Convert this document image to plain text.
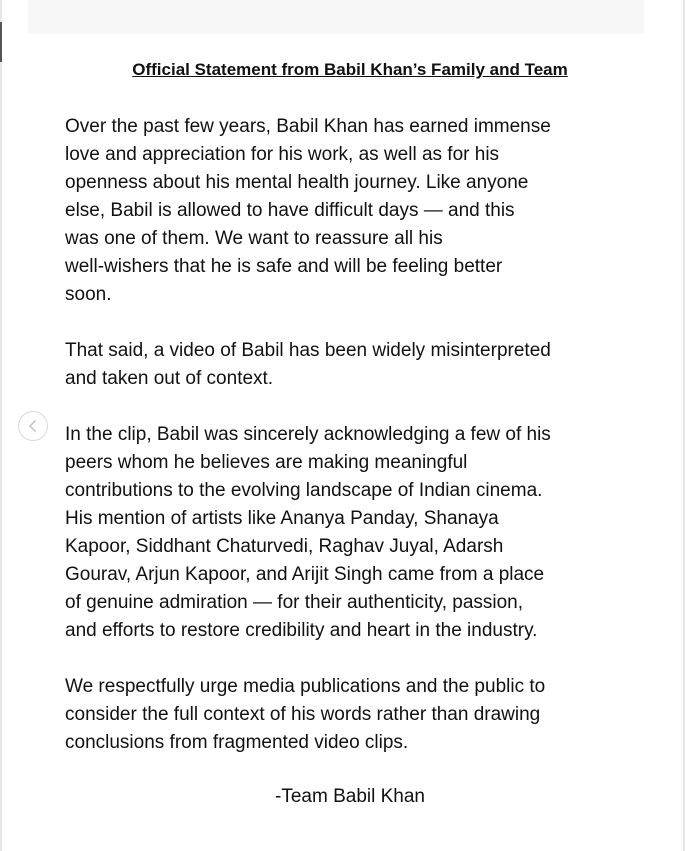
Official Statement from Babil Khan’s Family and Team

Over the past few years, Babil Khan has earned immense
love and appreciation for his work, as well as for his
openness about his mental health journey. Like anyone
else, Babil is allowed to have difficult days — and this
was one of them. We want to reassure all his
well-wishers that he is safe and will be feeling better
soon.

That said, a video of Babil has been widely misinterpreted
and taken out of context.

In the clip, Babil was sincerely acknowledging a few of his
peers whom he believes are making meaningful
contributions to the evolving landscape of Indian cinema.
His mention of artists like Ananya Panday, Shanaya
Kapoor, Siddhant Chaturvedi, Raghav Juyal, Adarsh
Gourav, Arjun Kapoor, and Arijit Singh came from a place
of genuine admiration — for their authenticity, passion,
and efforts to restore credibility and heart in the industry.

We respectfully urge media publications and the public to
consider the full context of his words rather than drawing
conclusions from fragmented video clips.

-Team Babil Khan
